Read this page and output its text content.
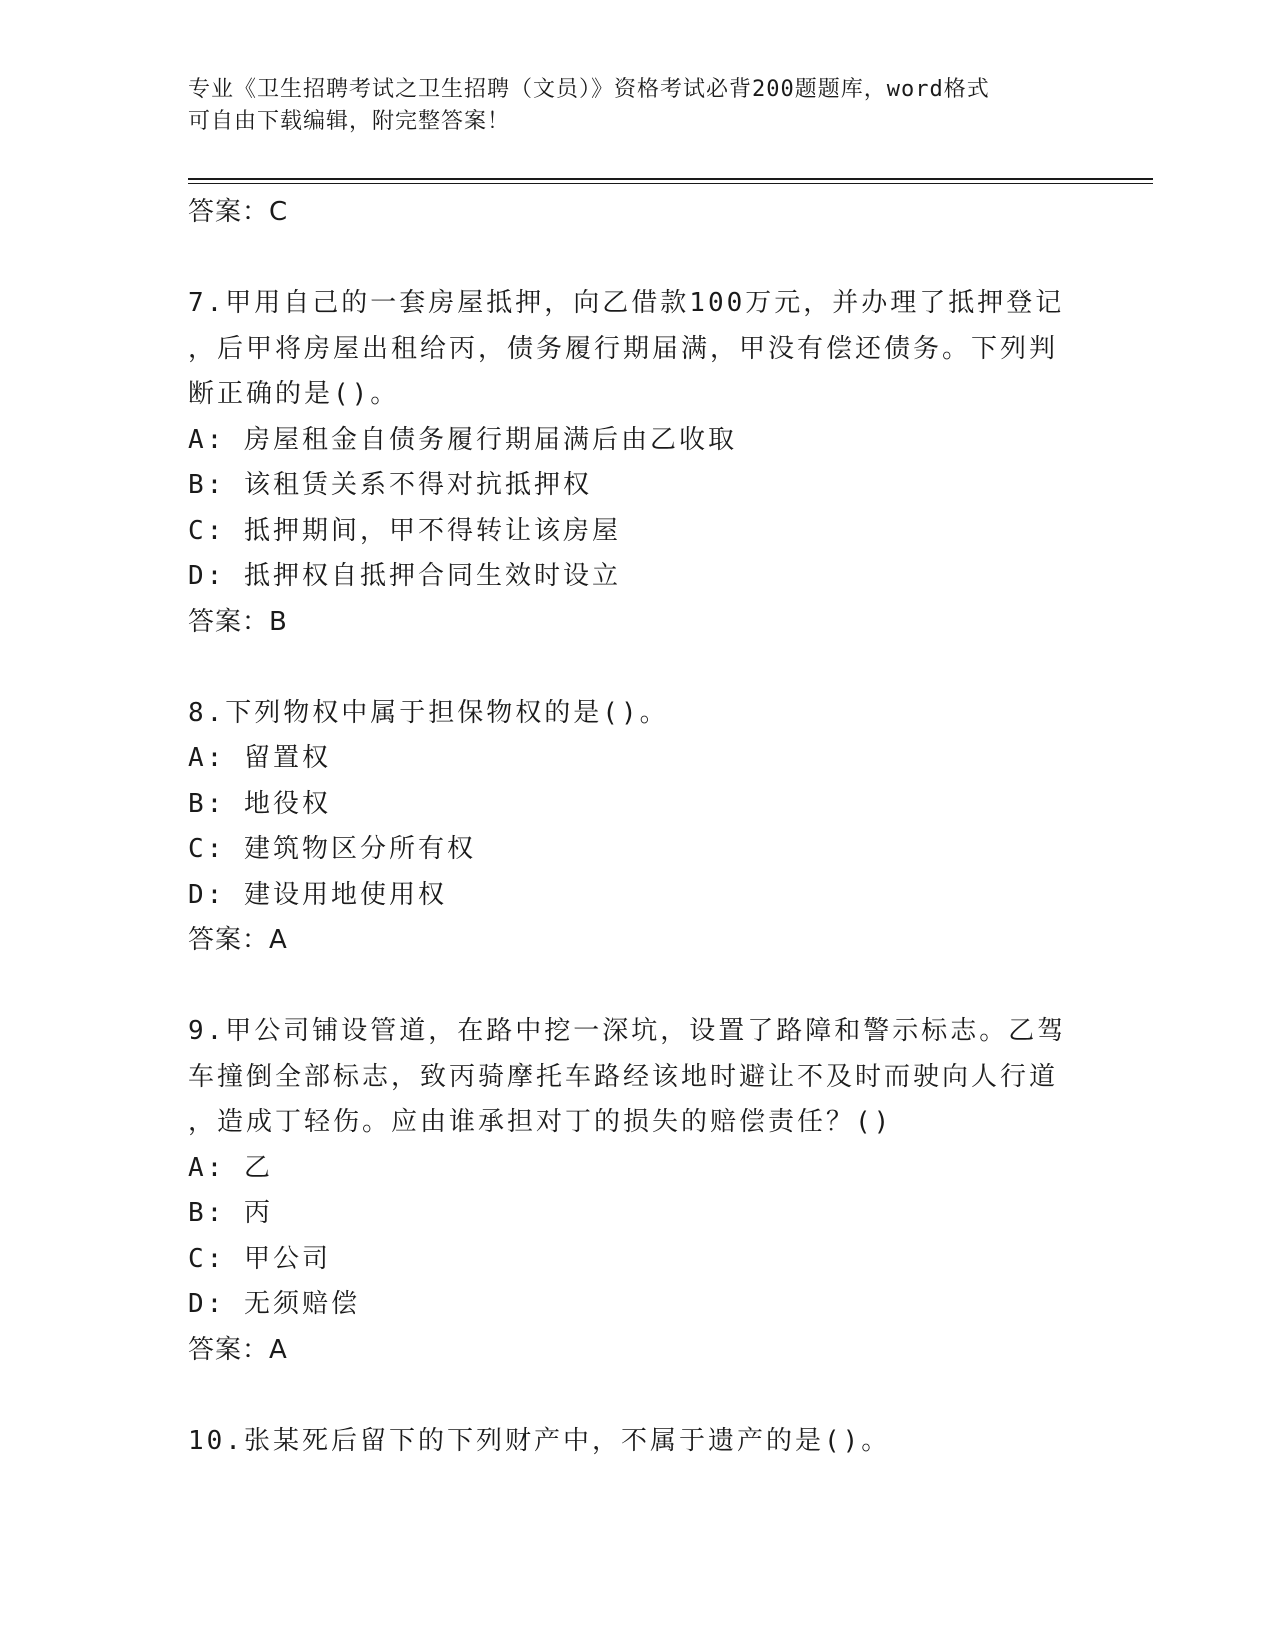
专业《卫生招聘考试之卫生招聘（文员）》资格考试必背200题题库，word格式
可自由下载编辑，附完整答案！
答案：C
7.甲用自己的一套房屋抵押，向乙借款100万元，并办理了抵押登记
，后甲将房屋出租给丙，债务履行期届满，甲没有偿还债务。下列判
断正确的是()。
A: 房屋租金自债务履行期届满后由乙收取
B: 该租赁关系不得对抗抵押权
C: 抵押期间，甲不得转让该房屋
D: 抵押权自抵押合同生效时设立
答案：B
8.下列物权中属于担保物权的是()。
A: 留置权
B: 地役权
C: 建筑物区分所有权
D: 建设用地使用权
答案：A
9.甲公司铺设管道，在路中挖一深坑，设置了路障和警示标志。乙驾
车撞倒全部标志，致丙骑摩托车路经该地时避让不及时而驶向人行道
，造成丁轻伤。应由谁承担对丁的损失的赔偿责任？()
A: 乙
B: 丙
C: 甲公司
D: 无须赔偿
答案：A
10.张某死后留下的下列财产中，不属于遗产的是()。
